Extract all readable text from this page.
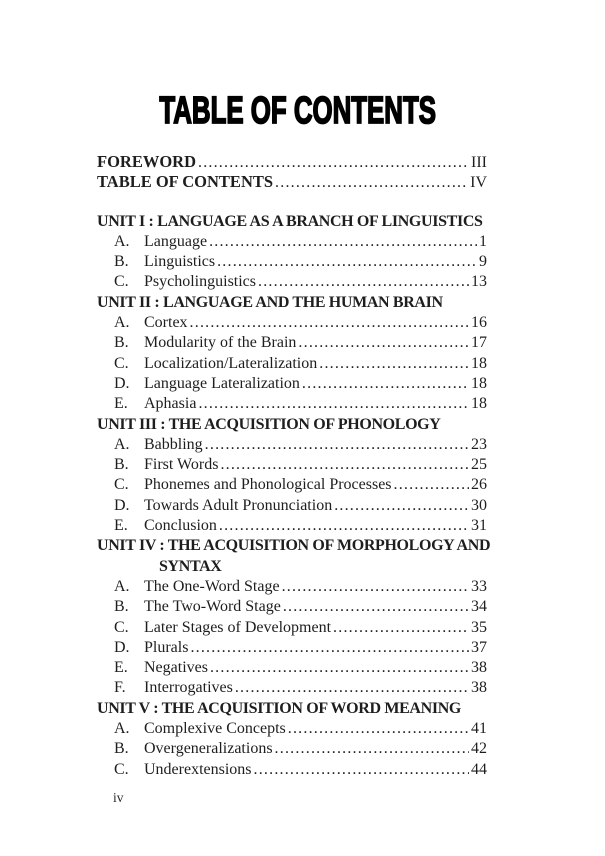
TABLE OF CONTENTS
FOREWORD .....	III
TABLE OF CONTENTS .....	IV
UNIT I : LANGUAGE AS A BRANCH OF LINGUISTICS
A. Language .....	1
B. Linguistics .....	9
C. Psycholinguistics .....	13
UNIT II : LANGUAGE AND THE HUMAN BRAIN
A. Cortex .....	16
B. Modularity of the Brain .....	17
C. Localization/Lateralization .....	18
D. Language Lateralization .....	18
E.	Aphasia .....	18
UNIT III : THE ACQUISITION OF PHONOLOGY
A. Babbling .....	23
B. First Words .....	25
C. Phonemes and Phonological Processes .....	26
D. Towards Adult Pronunciation .....	30
E.	Conclusion .....	31
UNIT IV : THE ACQUISITION OF MORPHOLOGY AND
SYNTAX
A. The One-Word Stage .....	33
B. The Two-Word Stage .....	34
C. Later Stages of Development .....	35
D. Plurals .....	37
E.	Negatives .....	38
F.	Interrogatives .....	38
UNIT V : THE ACQUISITION OF WORD MEANING
A. Complexive Concepts .....	41
B. Overgeneralizations .....	42
C. Underextensions .....	44
iv
